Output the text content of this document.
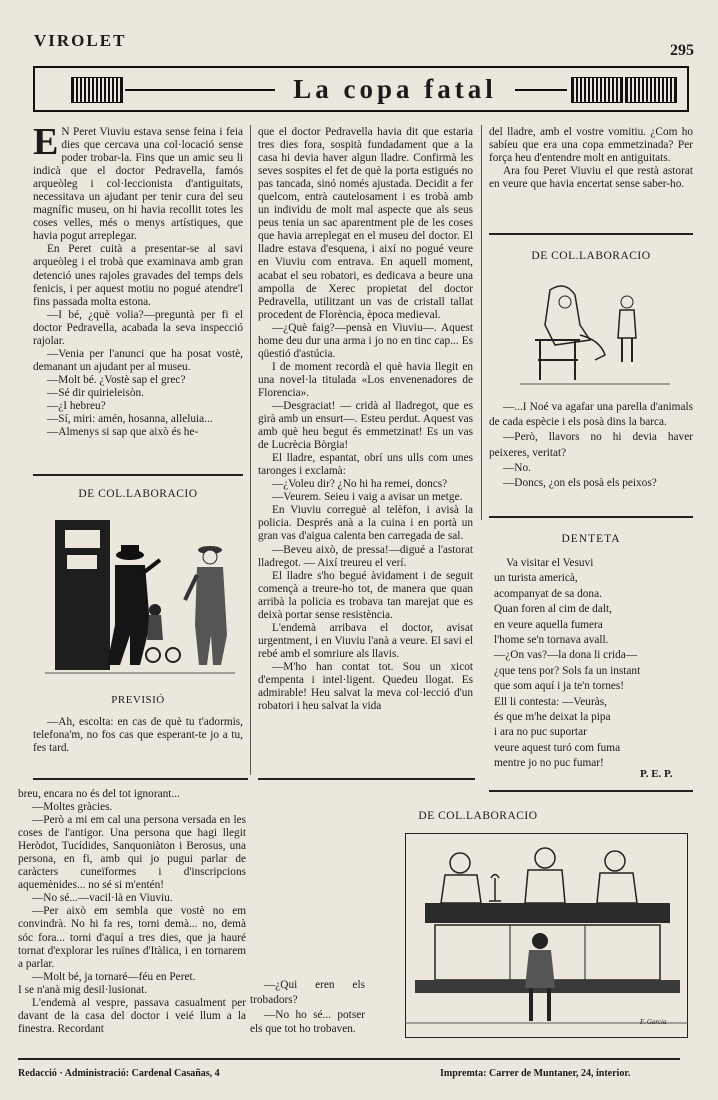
VIROLET
295
La copa fatal

E N Peret Viuviu estava sense feina i feia dies que cercava una col·locació sense poder trobar-la. Fins que un amic seu li indicà que el doctor Pedravella, famós arqueòleg i col·leccionista d'antiguitats, necessitava un ajudant per tenir cura del seu magnífic museu, on hi havia recollit totes les coses velles, més o menys artístiques, que havia pogut arreplegar.

En Peret cuità a presentar-se al savi arqueòleg i el trobà que examinava amb gran detenció unes rajoles gravades del temps dels fenicis, i per aquest motiu no pogué atendre'l fins passada molta estona.

—I bé, ¿què volia?—preguntà per fi el doctor Pedravella, acabada la seva inspecció rajolar.

—Venia per l'anunci que ha posat vostè, demanant un ajudant per al museu.

—Molt bé. ¿Vostè sap el grec?

—Sé dir quirieleisòn.

—¿I hebreu?

—Sí, miri: amén, hosanna, alleluia...

—Almenys si sap que això és he-

DE COL.LABORACIO
PREVISIÓ

—Ah, escolta: en cas de què tu t'adormis, telefona'm, no fos cas que esperant-te jo a tu, fes tard.

que el doctor Pedravella havia dit que estaria tres dies fora, sospità fundadament que a la casa hi devia haver algun lladre. Confirmà les seves sospites el fet de què la porta estigués no pas tancada, sinó només ajustada. Decidit a fer quelcom, entrà cautelosament i es trobà amb un individu de molt mal aspecte que als seus peus tenia un sac aparentment ple de les coses que havia arreplegat en el museu del doctor. El lladre estava d'esquena, i així no pogué veure en Viuviu com entrava. En aquell moment, acabat el seu robatori, es dedicava a beure una ampolla de Xerec propietat del doctor Pedravella, utilitzant un vas de cristall tallat procedent de Florència, època medieval.

—¿Què faig?—pensà en Viuviu—. Aquest home deu dur una arma i jo no en tinc cap... Es qüestió d'astúcia.

I de moment recordà el què havia llegit en una novel·la titulada «Los envenenadores de Florencia».

—Desgraciat! — cridà al lladregot, que es girà amb un ensurt—. Esteu perdut. Aquest vas amb què heu begut és emmetzinat! Es un vas de Lucrècia Bòrgia!

El lladre, espantat, obrí uns ulls com unes taronges i exclamà:

—¿Voleu dir? ¿No hi ha remei, doncs?

—Veurem. Seieu i vaig a avisar un metge.

En Viuviu correguè al telèfon, i avisà la policia. Després anà a la cuina i en portà un gran vas d'aigua calenta ben carregada de sal.

—Beveu això, de pressa!—digué a l'astorat lladregot. — Així treureu el verí.

El lladre s'ho begué àvidament i de seguit començà a treure-ho tot, de manera que quan arribà la policia es trobava tan marejat que es deixà portar sense resistència.

L'endemà arribava el doctor, avisat urgentment, i en Viuviu l'anà a veure. El savi el rebé amb el somriure als llavis.

—M'ho han contat tot. Sou un xicot d'empenta i intel·ligent. Quedeu llogat. Es admirable! Heu salvat la meva col·lecció d'un robatori i heu salvat la vida

del lladre, amb el vostre vomitiu. ¿Com ho sabíeu que era una copa emmetzinada? Per força heu d'entendre molt en antiguitats.

Ara fou Peret Viuviu el que restà astorat en veure que havia encertat sense saber-ho.

DE COL.LABORACIO

—...I Noé va agafar una parella d'animals de cada espècie i els posà dins la barca.

—Però, llavors no hi devia haver peixeres, veritat?

—No.

—Doncs, ¿on els posà els peixos?

DENTETA
Va visitar el Vesuvi
un turista americà,
acompanyat de sa dona.
Quan foren al cim de dalt,
en veure aquella fumera
l'home se'n tornava avall.
—¿On vas?—la dona li crida—
¿que tens por? Sols fa un instant
que som aquí i ja te'n tornes!
Ell li contesta: —Veuràs,
és que m'he deixat la pipa
i ara no puc suportar
veure aquest turó com fuma
mentre jo no puc fumar!
P. E. P.

breu, encara no és del tot ignorant...

—Moltes gràcies.

—Però a mi em cal una persona versada en les coses de l'antigor. Una persona que hagi llegit Heròdot, Tucídides, Sanquoniàton i Berosus, una persona, en fi, amb qui jo pugui parlar de caràcters cuneïformes i d'inscripcions aquemènides... no sé si m'entén!

—No sé...—vacil·là en Viuviu.

—Per això em sembla que vostè no em convindrà. No hi fa res, torni demà... no, demà sóc fora... torni d'aquí a tres dies, que ja hauré tornat d'explorar les ruïnes d'Itàlica, i en tornarem a parlar.

—Molt bé, ja tornaré—féu en Peret.

I se n'anà mig desil·lusionat.

L'endemà al vespre, passava casualment per davant de la casa del doctor i veié llum a la finestra. Recordant

DE COL.LABORACIO

—¿Qui eren els trobadors?

—No ho sé... potser els que tot ho trobaven.

F. Garcia
Redacció · Administració: Cardenal Casañas, 4	Impremta: Carrer de Muntaner, 24, interior.
